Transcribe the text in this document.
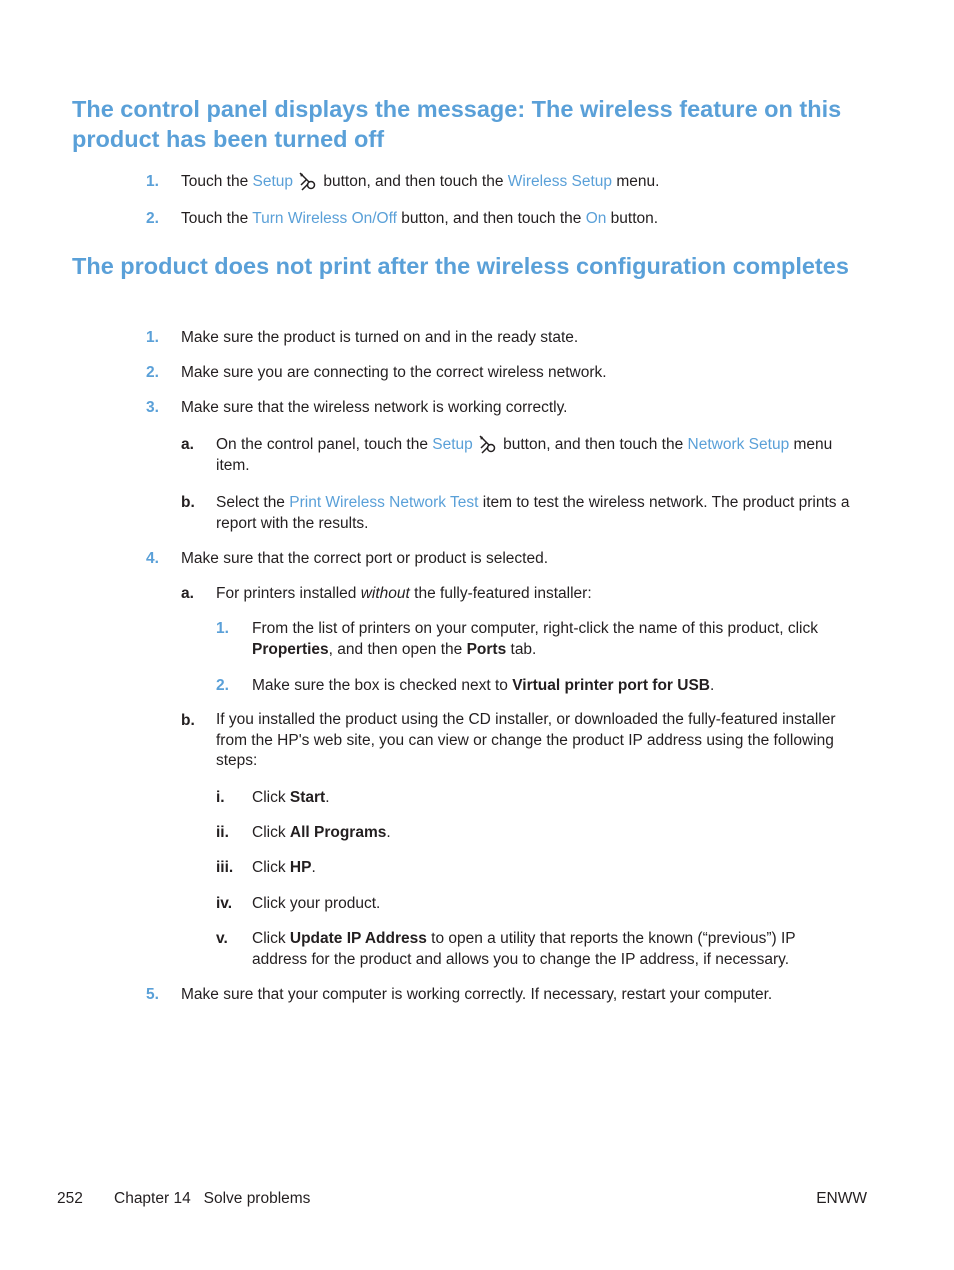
The control panel displays the message: The wireless feature on this product has been turned off
1. Touch the Setup
button, and then touch the Wireless Setup menu.
2. Touch the Turn Wireless On/Off button, and then touch the On button.
The product does not print after the wireless configuration completes
1. Make sure the product is turned on and in the ready state.
2. Make sure you are connecting to the correct wireless network.
3. Make sure that the wireless network is working correctly.
a. On the control panel, touch the Setup
button, and then touch the Network Setup menu item.
b. Select the Print Wireless Network Test item to test the wireless network. The product prints a report with the results.
4. Make sure that the correct port or product is selected.
a. For printers installed without the fully-featured installer:
1. From the list of printers on your computer, right-click the name of this product, click Properties, and then open the Ports tab.
2. Make sure the box is checked next to Virtual printer port for USB.
b. If you installed the product using the CD installer, or downloaded the fully-featured installer from the HP's web site, you can view or change the product IP address using the following steps:
i. Click Start.
ii. Click All Programs.
iii. Click HP.
iv. Click your product.
v. Click Update IP Address to open a utility that reports the known (“previous”) IP address for the product and allows you to change the IP address, if necessary.
5. Make sure that your computer is working correctly. If necessary, restart your computer.
252 Chapter 14   Solve problems	ENWW
